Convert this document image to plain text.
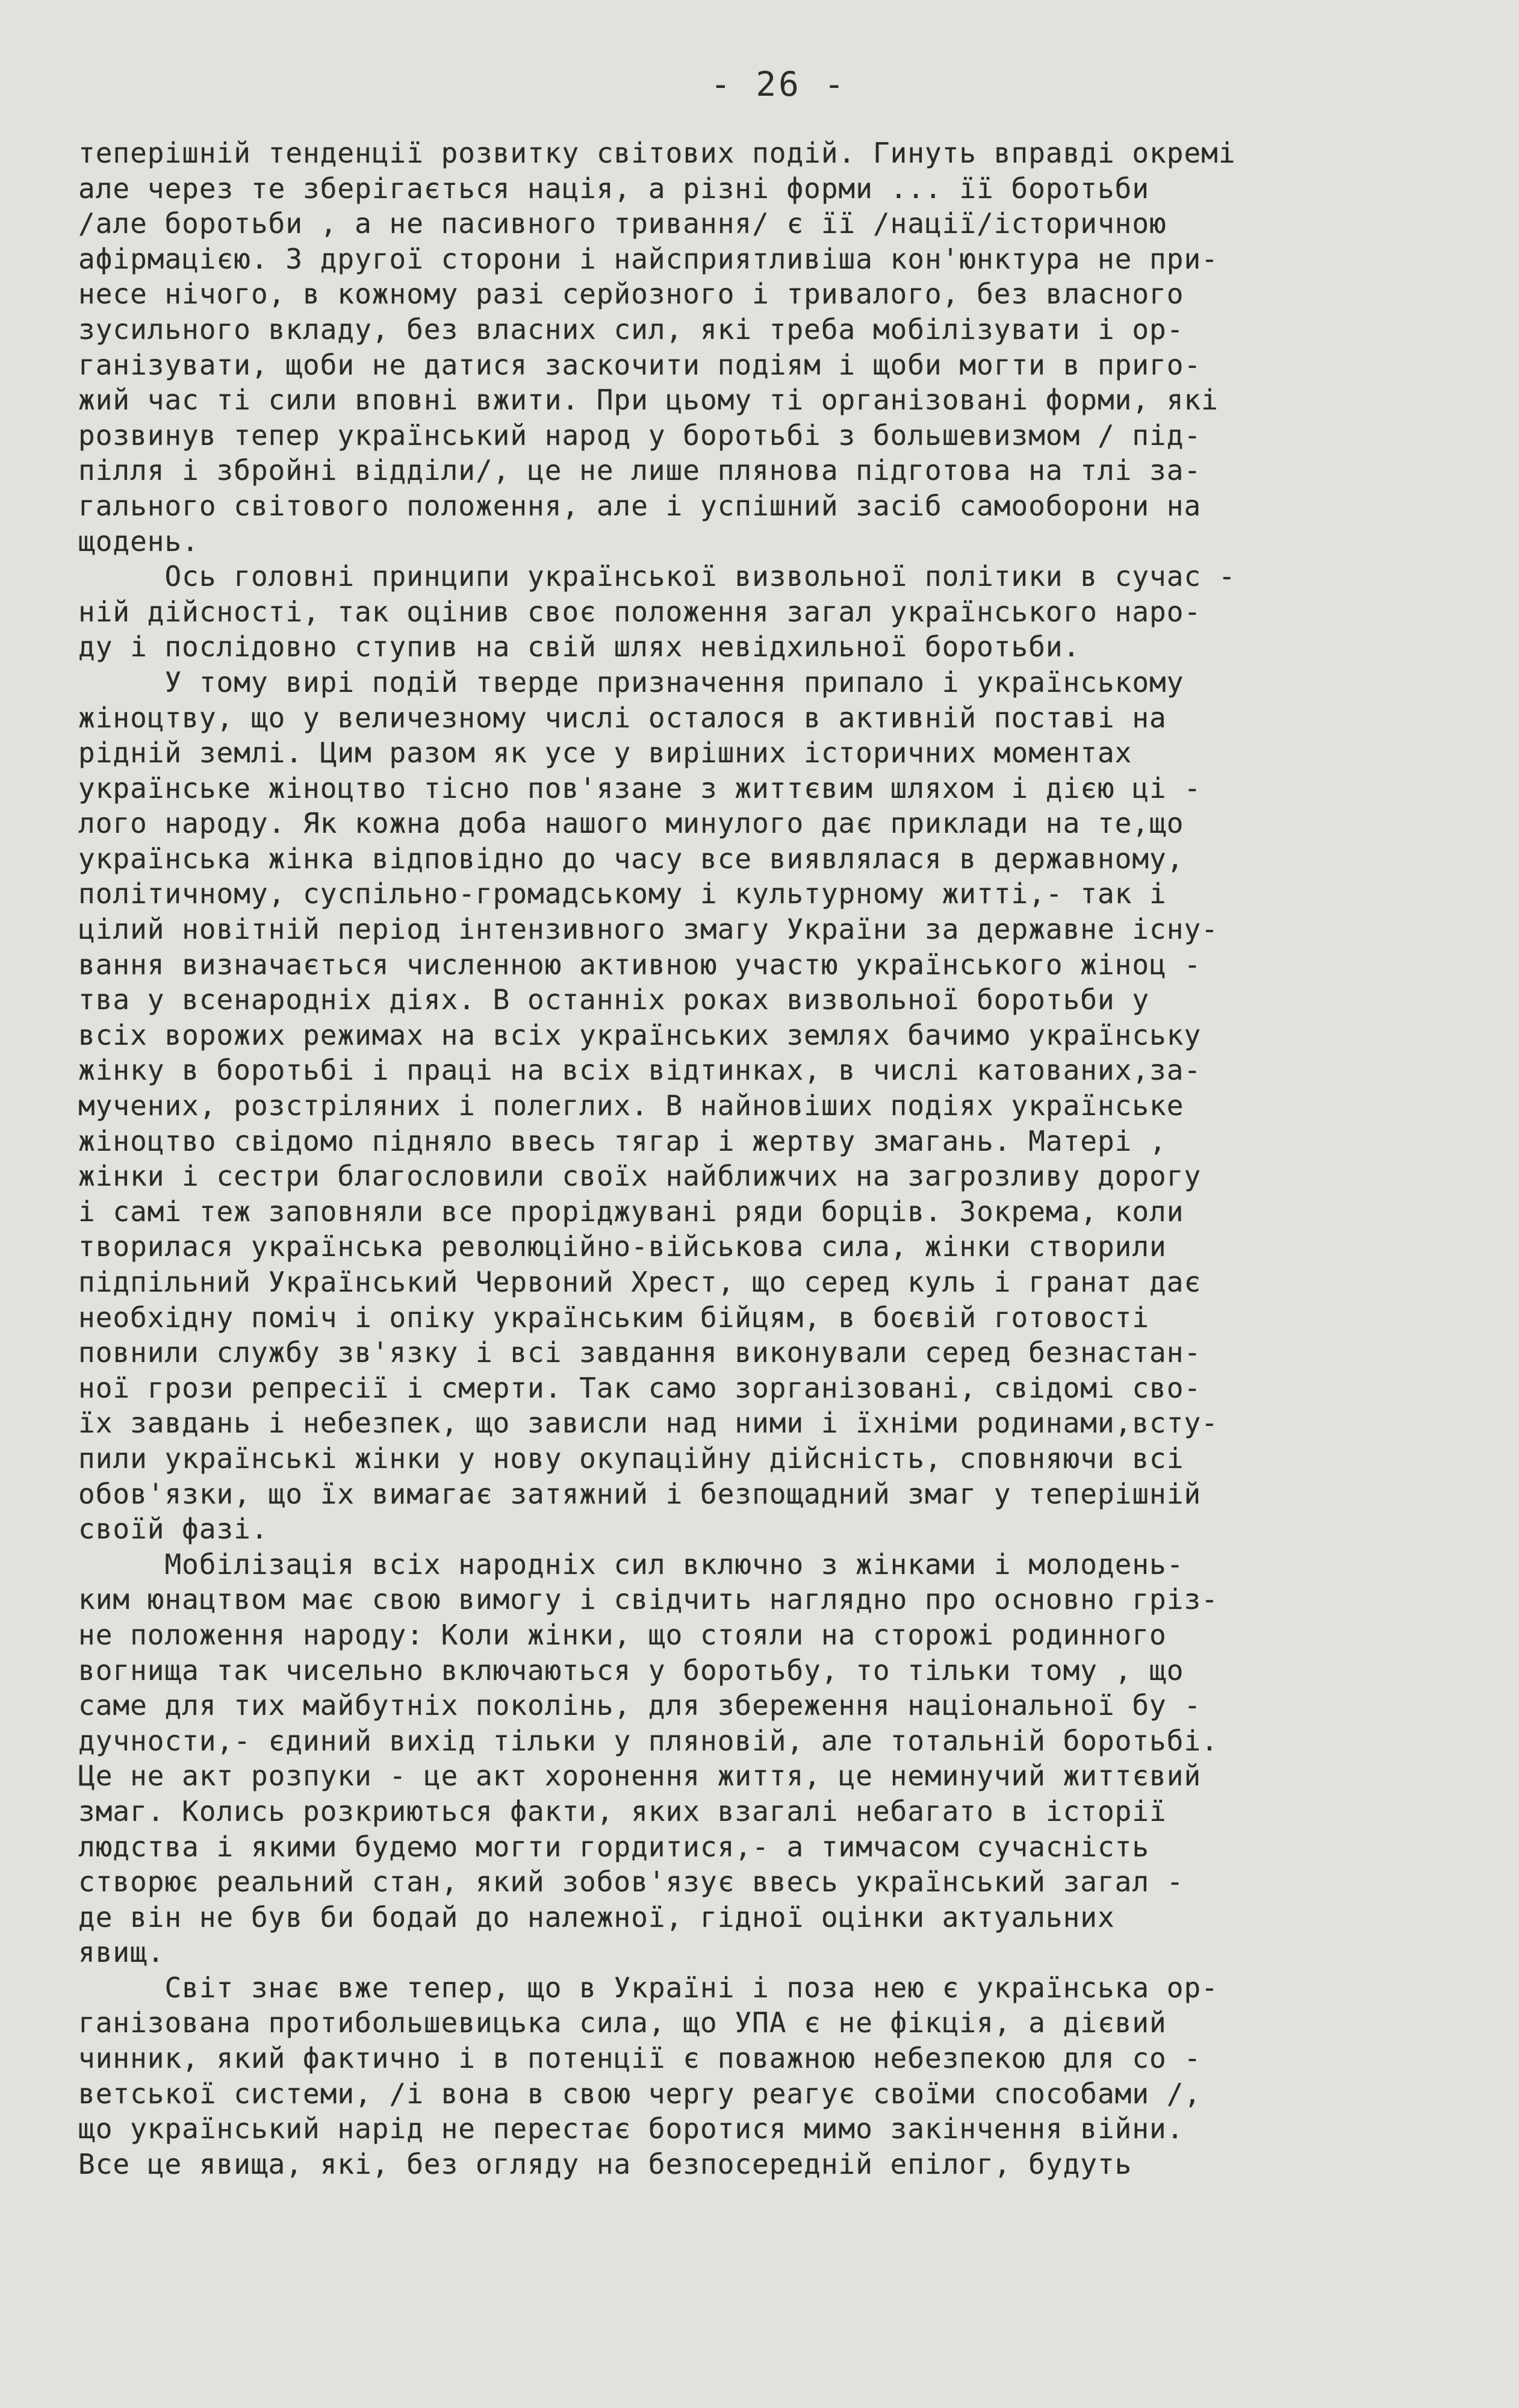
- 26 -
теперішній тенденції розвитку світових подій. Гинуть вправді окремі
але через те зберігається нація, а різні форми ... її боротьби
/але боротьби , а не пасивного тривання/ є її /нації/історичною
афірмацією. З другої сторони і найсприятливіша кон'юнктура не при-
несе нічого, в кожному разі серйозного і тривалого, без власного
зусильного вкладу, без власних сил, які треба мобілізувати і ор-
ганізувати, щоби не датися заскочити подіям і щоби могти в приго-
жий час ті сили вповні вжити. При цьому ті організовані форми, які
розвинув тепер український народ у боротьбі з большевизмом / під-
пілля і збройні відділи/, це не лише плянова підготова на тлі за-
гального світового положення, але і успішний засіб самооборони на
щодень.
Ось головні принципи української визвольної політики в сучас -
ній дійсності, так оцінив своє положення загал українського наро-
ду і послідовно ступив на свій шлях невідхильної боротьби.
У тому вирі подій тверде призначення припало і українському
жіноцтву, що у величезному числі осталося в активній поставі на
рідній землі. Цим разом як усе у вирішних історичних моментах
українське жіноцтво тісно пов'язане з життєвим шляхом і дією ці -
лого народу. Як кожна доба нашого минулого дає приклади на те,що
українська жінка відповідно до часу все виявлялася в державному,
політичному, суспільно-громадському і культурному житті,- так і
цілий новітній період інтензивного змагу України за державне існу-
вання визначається численною активною участю українського жіноц -
тва у всенародніх діях. В останніх роках визвольної боротьби у
всіх ворожих режимах на всіх українських землях бачимо українську
жінку в боротьбі і праці на всіх відтинках, в числі катованих,за-
мучених, розстріляних і полеглих. В найновіших подіях українське
жіноцтво свідомо підняло ввесь тягар і жертву змагань. Матері ,
жінки і сестри благословили своїх найближчих на загрозливу дорогу
і самі теж заповняли все проріджувані ряди борців. Зокрема, коли
творилася українська революційно-військова сила, жінки створили
підпільний Український Червоний Хрест, що серед куль і гранат дає
необхідну поміч і опіку українським бійцям, в боєвій готовості
повнили службу зв'язку і всі завдання виконували серед безнастан-
ної грози репресії і смерти. Так само зорганізовані, свідомі сво-
їх завдань і небезпек, що зависли над ними і їхніми родинами,всту-
пили українські жінки у нову окупаційну дійсність, сповняючи всі
обов'язки, що їх вимагає затяжний і безпощадний змаг у теперішній
своїй фазі.
Мобілізація всіх народніх сил включно з жінками і молодень-
ким юнацтвом має свою вимогу і свідчить наглядно про основно гріз-
не положення народу: Коли жінки, що стояли на сторожі родинного
вогнища так чисельно включаються у боротьбу, то тільки тому , що
саме для тих майбутніх поколінь, для збереження національної бу -
дучности,- єдиний вихід тільки у пляновій, але тотальній боротьбі.
Це не акт розпуки - це акт хоронення життя, це неминучий життєвий
змаг. Колись розкриються факти, яких взагалі небагато в історії
людства і якими будемо могти гордитися,- а тимчасом сучасність
створює реальний стан, який зобов'язує ввесь український загал -
де він не був би бодай до належної, гідної оцінки актуальних
явищ.
Світ знає вже тепер, що в Україні і поза нею є українська ор-
ганізована протибольшевицька сила, що УПА є не фікція, а дієвий
чинник, який фактично і в потенції є поважною небезпекою для со -
ветської системи, /і вона в свою чергу реагує своїми способами /,
що український нарід не перестає боротися мимо закінчення війни.
Все це явища, які, без огляду на безпосередній епілог, будуть
